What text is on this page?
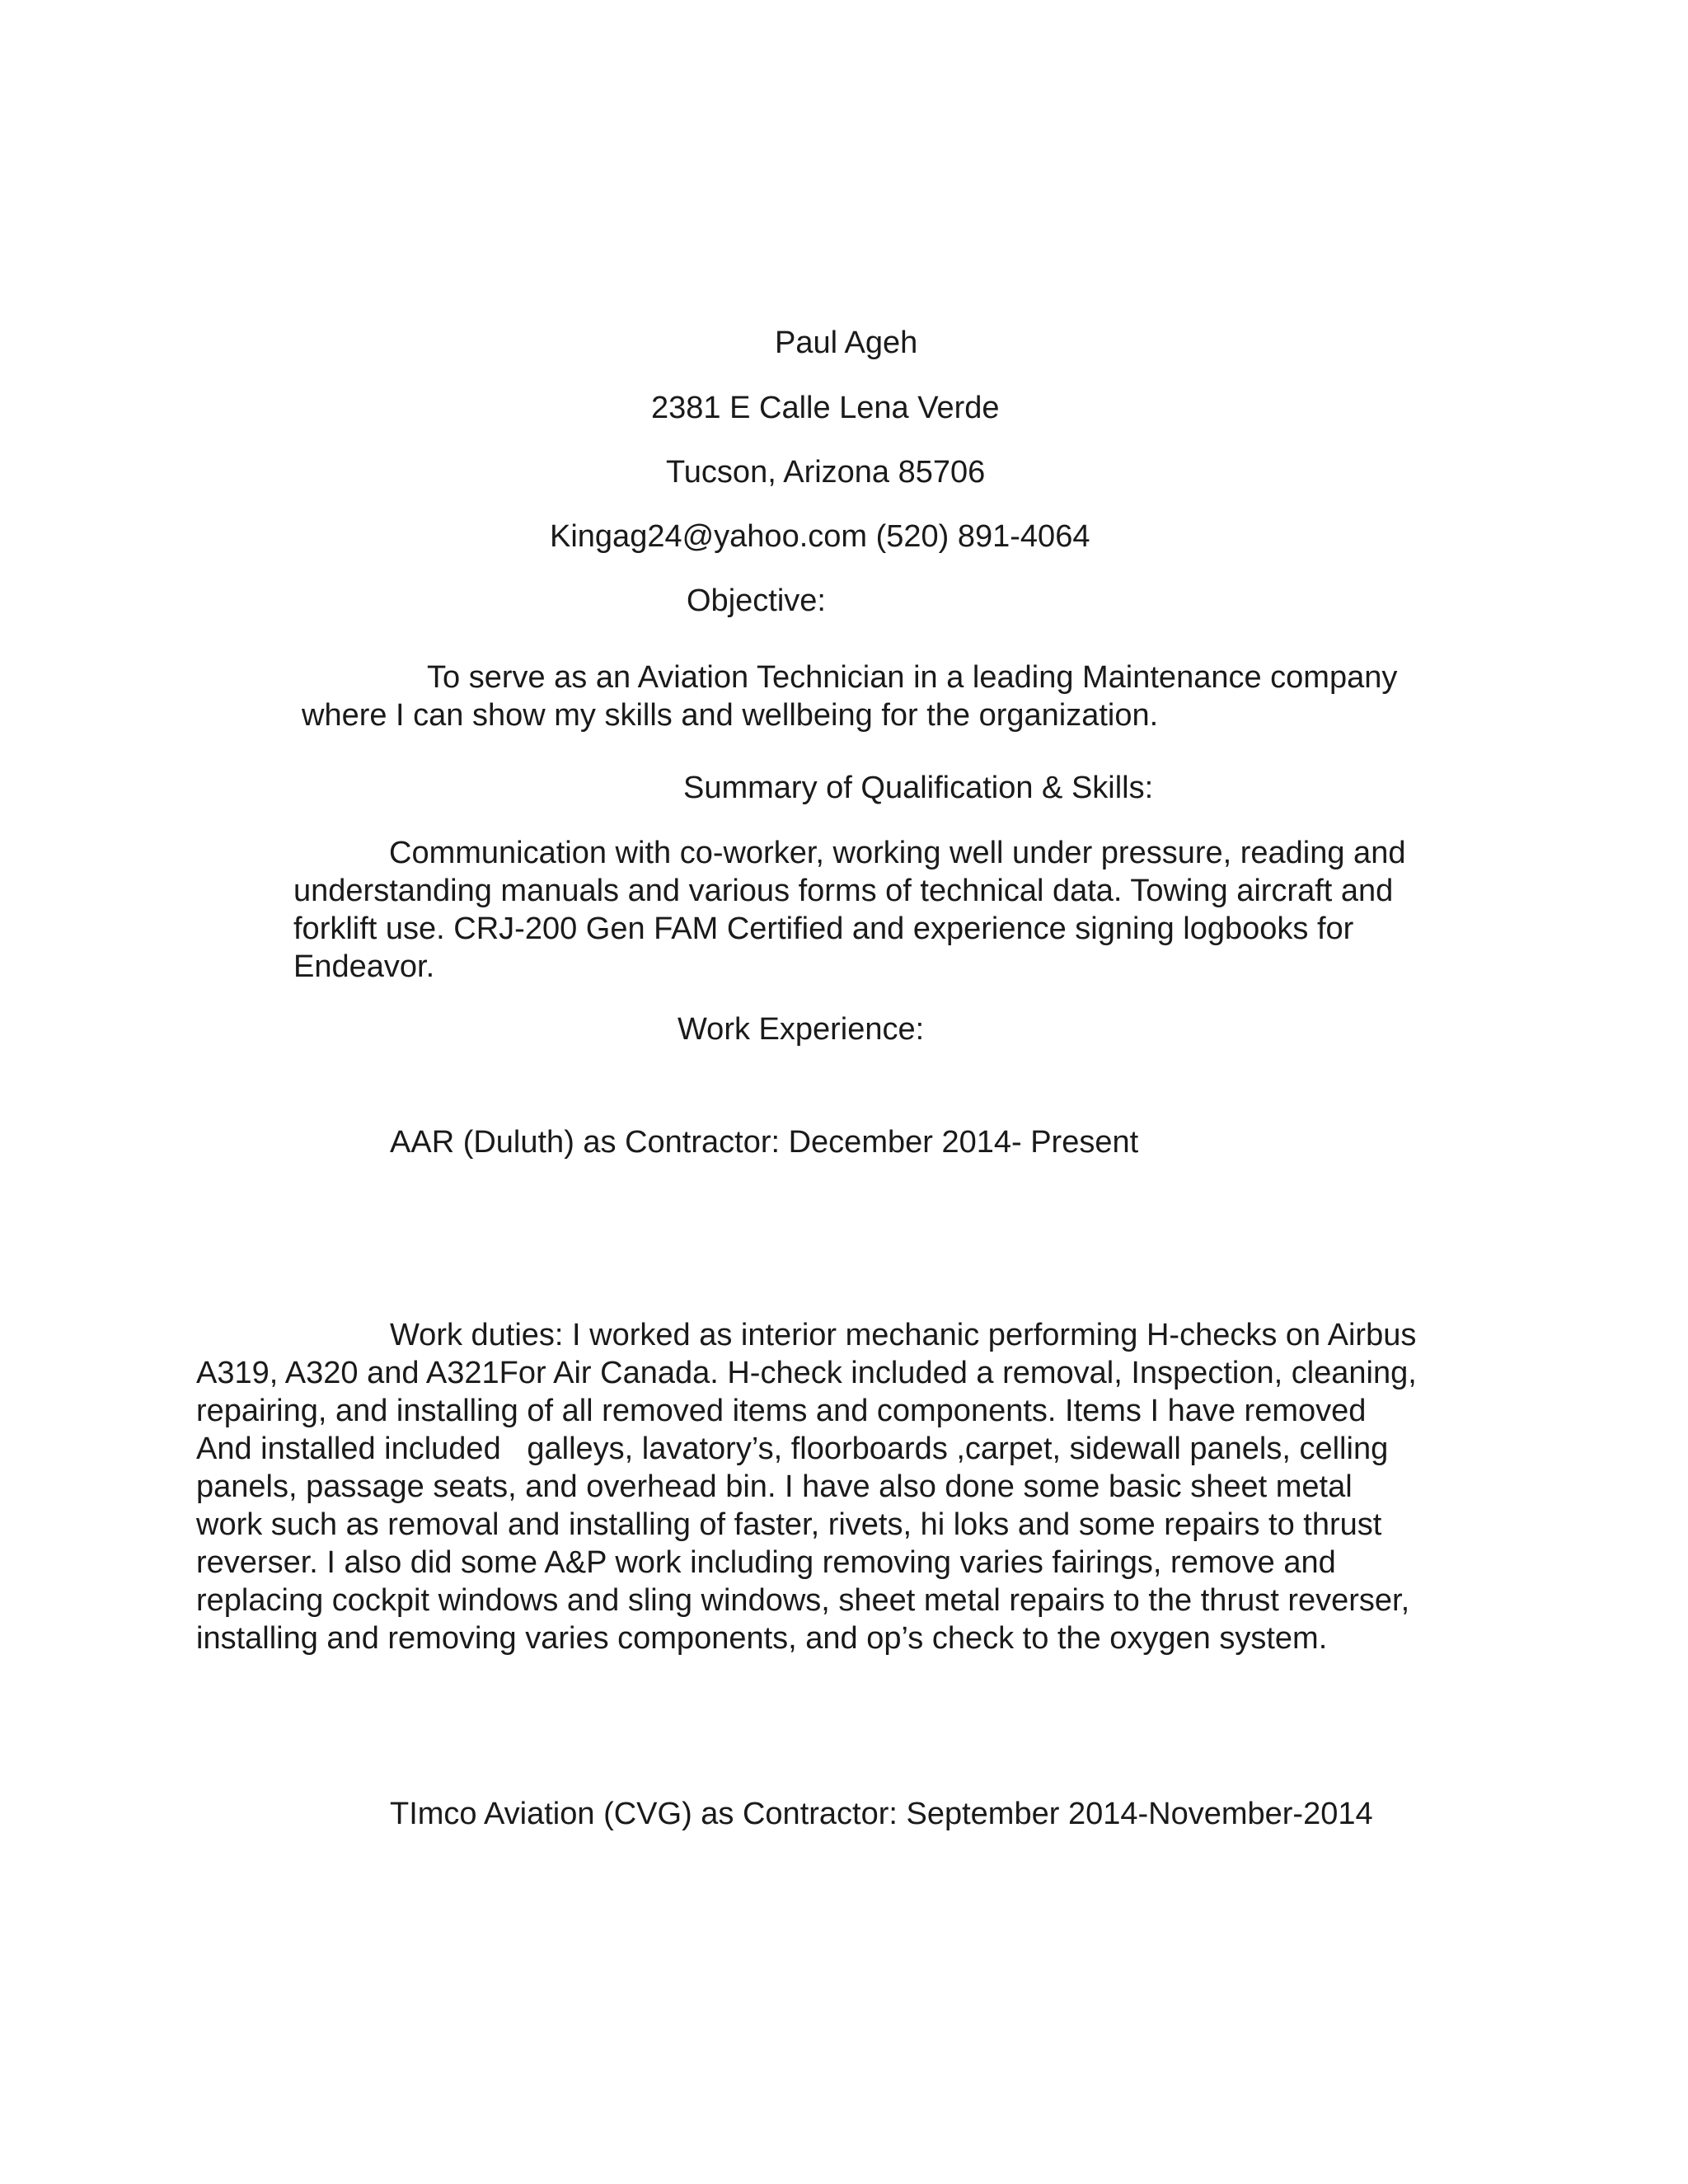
Paul Ageh
2381 E Calle Lena Verde
Tucson, Arizona 85706
Kingag24@yahoo.com (520) 891-4064
Objective:
To serve as an Aviation Technician in a leading Maintenance company
where I can show my skills and wellbeing for the organization.
Summary of Qualification & Skills:
Communication with co-worker, working well under pressure, reading and
understanding manuals and various forms of technical data. Towing aircraft and
forklift use. CRJ-200 Gen FAM Certified and experience signing logbooks for
Endeavor.
Work Experience:
AAR (Duluth) as Contractor: December 2014- Present
Work duties: I worked as interior mechanic performing H-checks on Airbus
A319, A320 and A321For Air Canada. H-check included a removal, Inspection, cleaning,
repairing, and installing of all removed items and components. Items I have removed
And installed included   galleys, lavatory’s, floorboards ,carpet, sidewall panels, celling
panels, passage seats, and overhead bin. I have also done some basic sheet metal
work such as removal and installing of faster, rivets, hi loks and some repairs to thrust
reverser. I also did some A&P work including removing varies fairings, remove and
replacing cockpit windows and sling windows, sheet metal repairs to the thrust reverser,
installing and removing varies components, and op’s check to the oxygen system.
TImco Aviation (CVG) as Contractor: September 2014-November-2014
